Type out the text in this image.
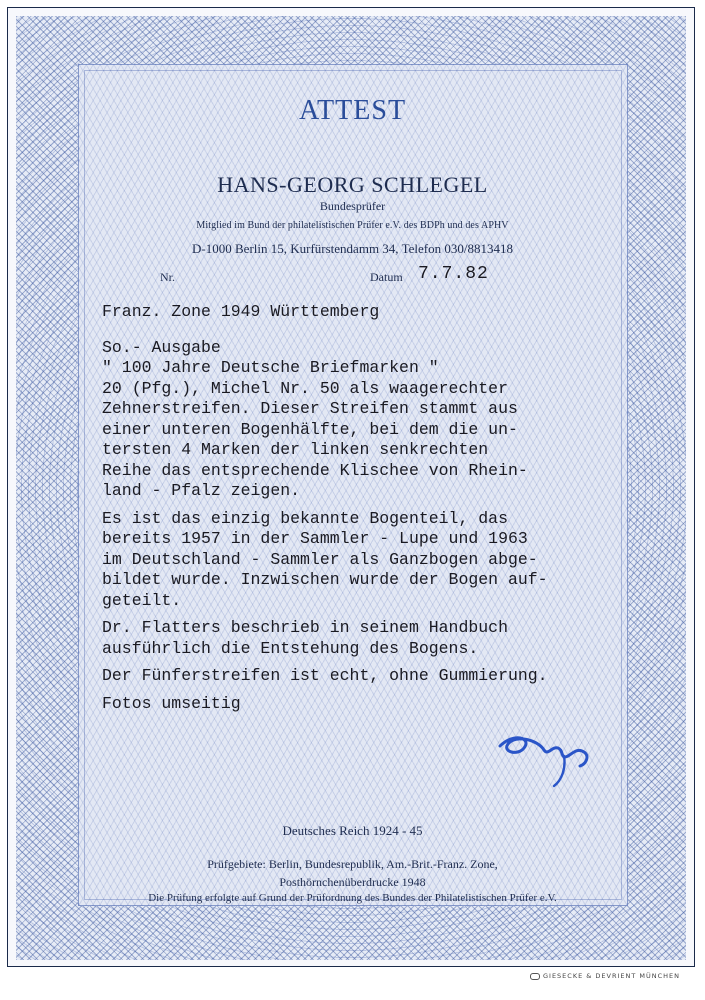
ATTEST
HANS-GEORG SCHLEGEL
Bundesprüfer
Mitglied im Bund der philatelistischen Prüfer e.V. des BDPh und des APHV
D-1000 Berlin 15, Kurfürstendamm 34, Telefon 030/8813418
Nr.	Datum 7.7.82

Franz. Zone 1949 Württemberg

So.- Ausgabe

" 100 Jahre Deutsche Briefmarken "

20 (Pfg.), Michel Nr. 50 als waagerechter

Zehnerstreifen. Dieser Streifen stammt aus

einer unteren Bogenhälfte, bei dem die un-

tersten 4 Marken der linken senkrechten

Reihe das entsprechende Klischee von Rhein-

land - Pfalz zeigen.

Es ist das einzig bekannte Bogenteil, das

bereits 1957 in der Sammler - Lupe und 1963

im Deutschland - Sammler als Ganzbogen abge-

bildet wurde. Inzwischen wurde der Bogen auf-

geteilt.

Dr. Flatters beschrieb in seinem Handbuch

ausführlich die Entstehung des Bogens.

Der Fünferstreifen ist echt, ohne Gummierung.

Fotos umseitig

Deutsches Reich 1924 - 45
Prüfgebiete: Berlin, Bundesrepublik, Am.-Brit.-Franz. Zone,
Posthörnchenüberdrucke 1948
Die Prüfung erfolgte auf Grund der Prüfordnung des Bundes der Philatelistischen Prüfer e.V.
GIESECKE & DEVRIENT MÜNCHEN
